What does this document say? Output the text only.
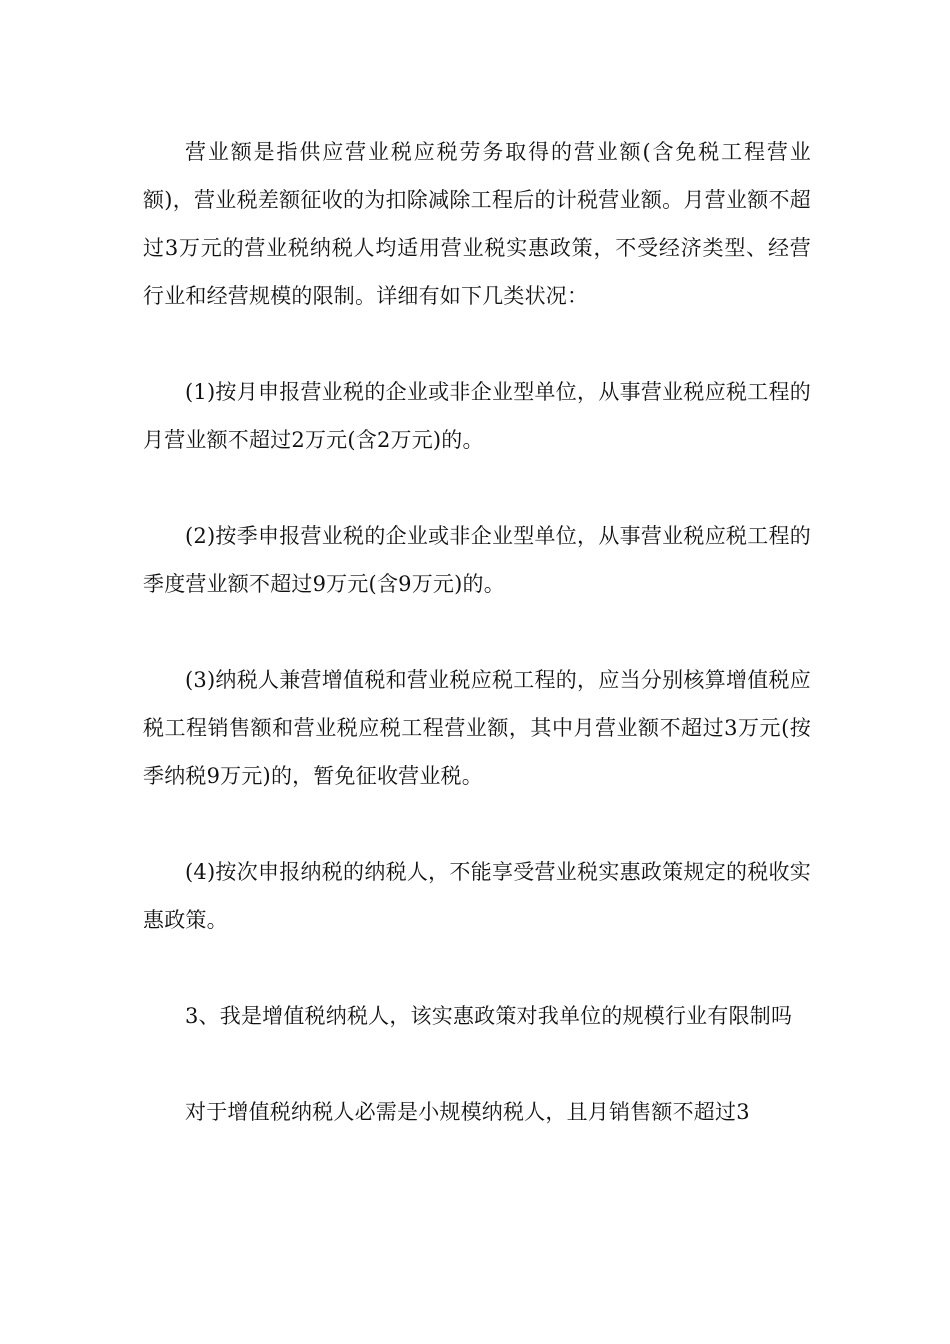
营业额是指供应营业税应税劳务取得的营业额(含免税工程营业额)，营业税差额征收的为扣除减除工程后的计税营业额。月营业额不超过3万元的营业税纳税人均适用营业税实惠政策，不受经济类型、经营行业和经营规模的限制。详细有如下几类状况：

(1)按月申报营业税的企业或非企业型单位，从事营业税应税工程的月营业额不超过2万元(含2万元)的。

(2)按季申报营业税的企业或非企业型单位，从事营业税应税工程的季度营业额不超过9万元(含9万元)的。

(3)纳税人兼营增值税和营业税应税工程的，应当分别核算增值税应税工程销售额和营业税应税工程营业额，其中月营业额不超过3万元(按季纳税9万元)的，暂免征收营业税。

(4)按次申报纳税的纳税人，不能享受营业税实惠政策规定的税收实惠政策。

3、我是增值税纳税人，该实惠政策对我单位的规模行业有限制吗

对于增值税纳税人必需是小规模纳税人，且月销售额不超过3
